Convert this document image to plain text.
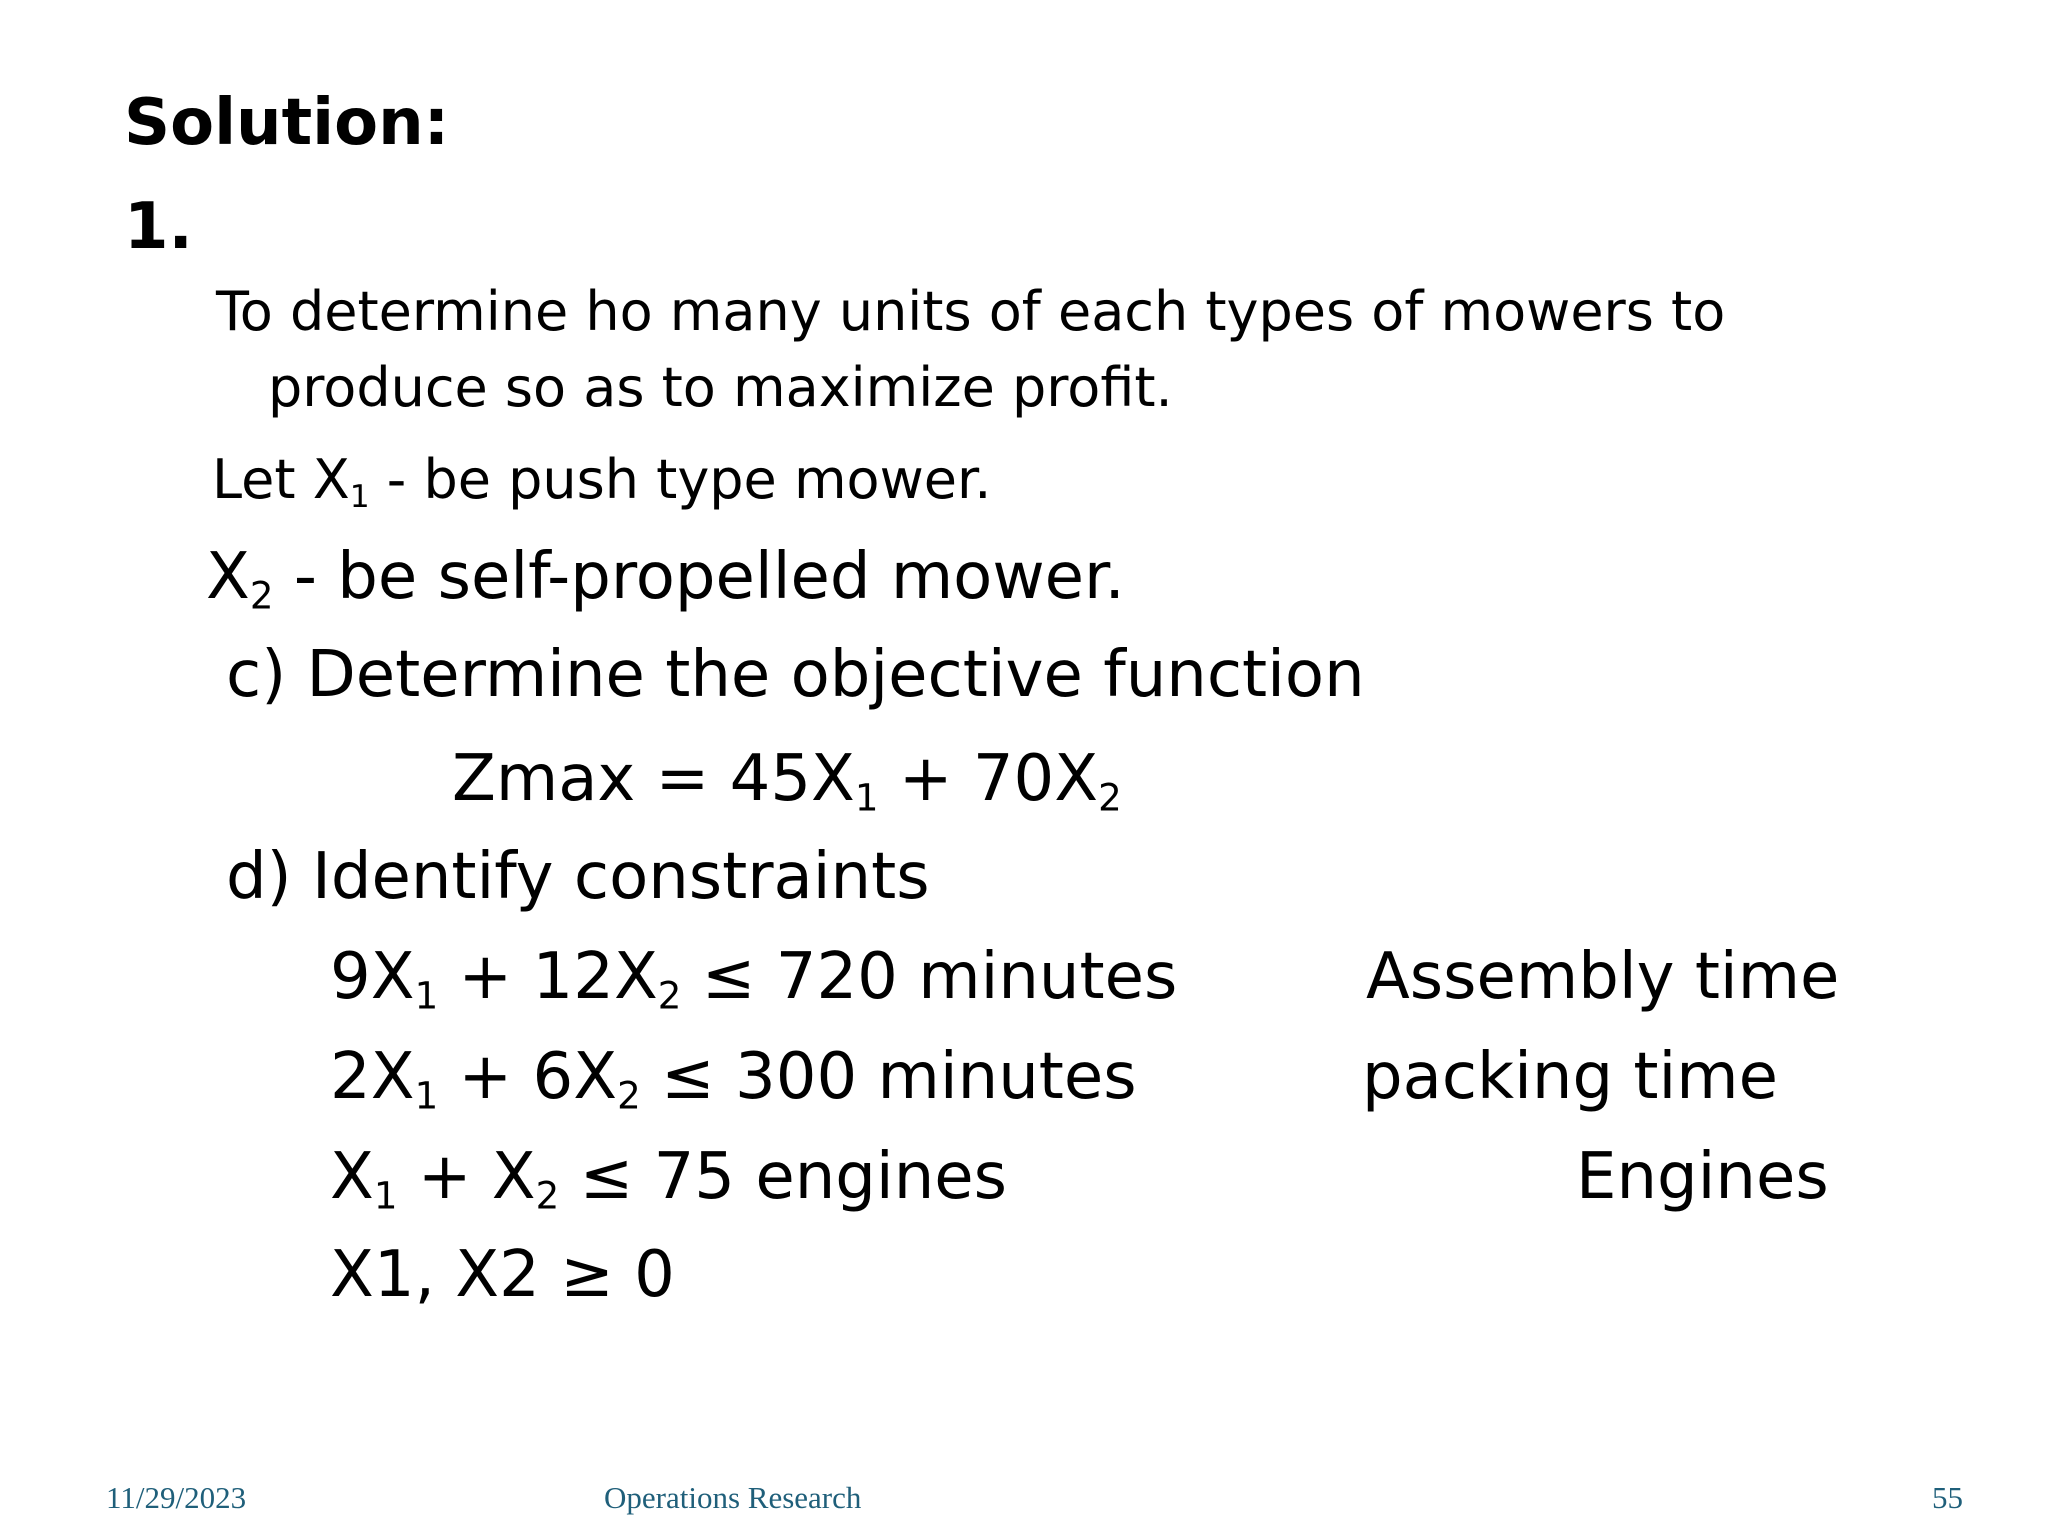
Solution:
1.
To determine ho many units of each types of mowers to
produce so as to maximize profit.
Let $X_1$ - be push type mower.
$X_2$ - be self-propelled mower.
c) Determine the objective function
$Zmax = 45X_1 + 70X_2$
d) Identify constraints
$9X_1 + 12X_2 \le 720$ minutes	Assembly time
$2X_1 + 6X_2 \le 300$ minutes	packing time
$X_1 + X_2 \le 75$ engines	Engines
X1, X2 ≥ 0
11/29/2023	Operations Research	55
